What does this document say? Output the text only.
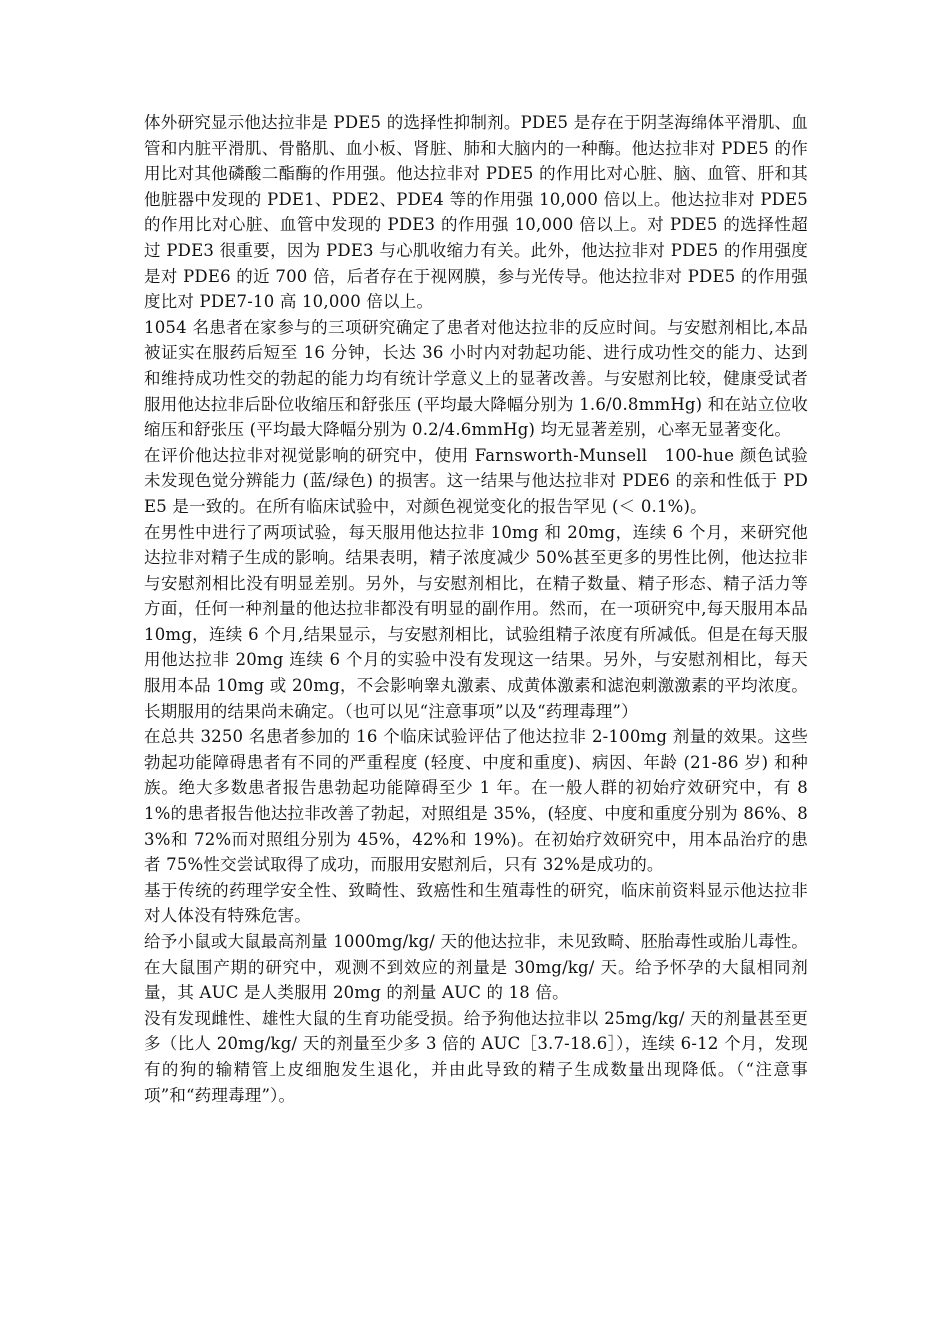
体外研究显示他达拉非是 PDE5 的选择性抑制剂。PDE5 是存在于阴茎海绵体平滑肌、血管和内脏平滑肌、骨骼肌、血小板、肾脏、肺和大脑内的一种酶。他达拉非对 PDE5 的作用比对其他磷酸二酯酶的作用强。他达拉非对 PDE5 的作用比对心脏、脑、血管、肝和其他脏器中发现的 PDE1、PDE2、PDE4 等的作用强 10,000 倍以上。他达拉非对 PDE5 的作用比对心脏、血管中发现的 PDE3 的作用强 10,000 倍以上。对 PDE5 的选择性超过 PDE3 很重要，因为 PDE3 与心肌收缩力有关。此外，他达拉非对 PDE5 的作用强度是对 PDE6 的近 700 倍，后者存在于视网膜，参与光传导。他达拉非对 PDE5 的作用强度比对 PDE7-10 高 10,000 倍以上。

1054 名患者在家参与的三项研究确定了患者对他达拉非的反应时间。与安慰剂相比,本品被证实在服药后短至 16 分钟，长达 36 小时内对勃起功能、进行成功性交的能力、达到和维持成功性交的勃起的能力均有统计学意义上的显著改善。与安慰剂比较，健康受试者服用他达拉非后卧位收缩压和舒张压 (平均最大降幅分别为 1.6/0.8mmHg) 和在站立位收缩压和舒张压 (平均最大降幅分别为 0.2/4.6mmHg) 均无显著差别，心率无显著变化。

在评价他达拉非对视觉影响的研究中，使用 Farnsworth-Munsell　100-hue 颜色试验未发现色觉分辨能力 (蓝/绿色) 的损害。这一结果与他达拉非对 PDE6 的亲和性低于 PDE5 是一致的。在所有临床试验中，对颜色视觉变化的报告罕见 (＜ 0.1%)。

在男性中进行了两项试验，每天服用他达拉非 10mg 和 20mg，连续 6 个月，来研究他达拉非对精子生成的影响。结果表明，精子浓度减少 50%甚至更多的男性比例，他达拉非与安慰剂相比没有明显差别。另外，与安慰剂相比，在精子数量、精子形态、精子活力等方面，任何一种剂量的他达拉非都没有明显的副作用。然而，在一项研究中,每天服用本品 10mg，连续 6 个月,结果显示，与安慰剂相比，试验组精子浓度有所减低。但是在每天服用他达拉非 20mg 连续 6 个月的实验中没有发现这一结果。另外，与安慰剂相比，每天服用本品 10mg 或 20mg，不会影响睾丸激素、成黄体激素和滤泡刺激激素的平均浓度。长期服用的结果尚未确定。（也可以见“注意事项”以及“药理毒理”）

在总共 3250 名患者参加的 16 个临床试验评估了他达拉非 2-100mg 剂量的效果。这些勃起功能障碍患者有不同的严重程度 (轻度、中度和重度)、病因、年龄 (21-86 岁) 和种族。绝大多数患者报告患勃起功能障碍至少 1 年。在一般人群的初始疗效研究中，有 81%的患者报告他达拉非改善了勃起，对照组是 35%，(轻度、中度和重度分别为 86%、83%和 72%而对照组分别为 45%，42%和 19%)。在初始疗效研究中，用本品治疗的患者 75%性交尝试取得了成功，而服用安慰剂后，只有 32%是成功的。

基于传统的药理学安全性、致畸性、致癌性和生殖毒性的研究，临床前资料显示他达拉非对人体没有特殊危害。

给予小鼠或大鼠最高剂量 1000mg/kg/ 天的他达拉非，未见致畸、胚胎毒性或胎儿毒性。在大鼠围产期的研究中，观测不到效应的剂量是 30mg/kg/ 天。给予怀孕的大鼠相同剂量，其 AUC 是人类服用 20mg 的剂量 AUC 的 18 倍。

没有发现雌性、雄性大鼠的生育功能受损。给予狗他达拉非以 25mg/kg/ 天的剂量甚至更多（比人 20mg/kg/ 天的剂量至少多 3 倍的 AUC［3.7-18.6］），连续 6-12 个月，发现有的狗的输精管上皮细胞发生退化，并由此导致的精子生成数量出现降低。（“注意事项”和“药理毒理”）。
